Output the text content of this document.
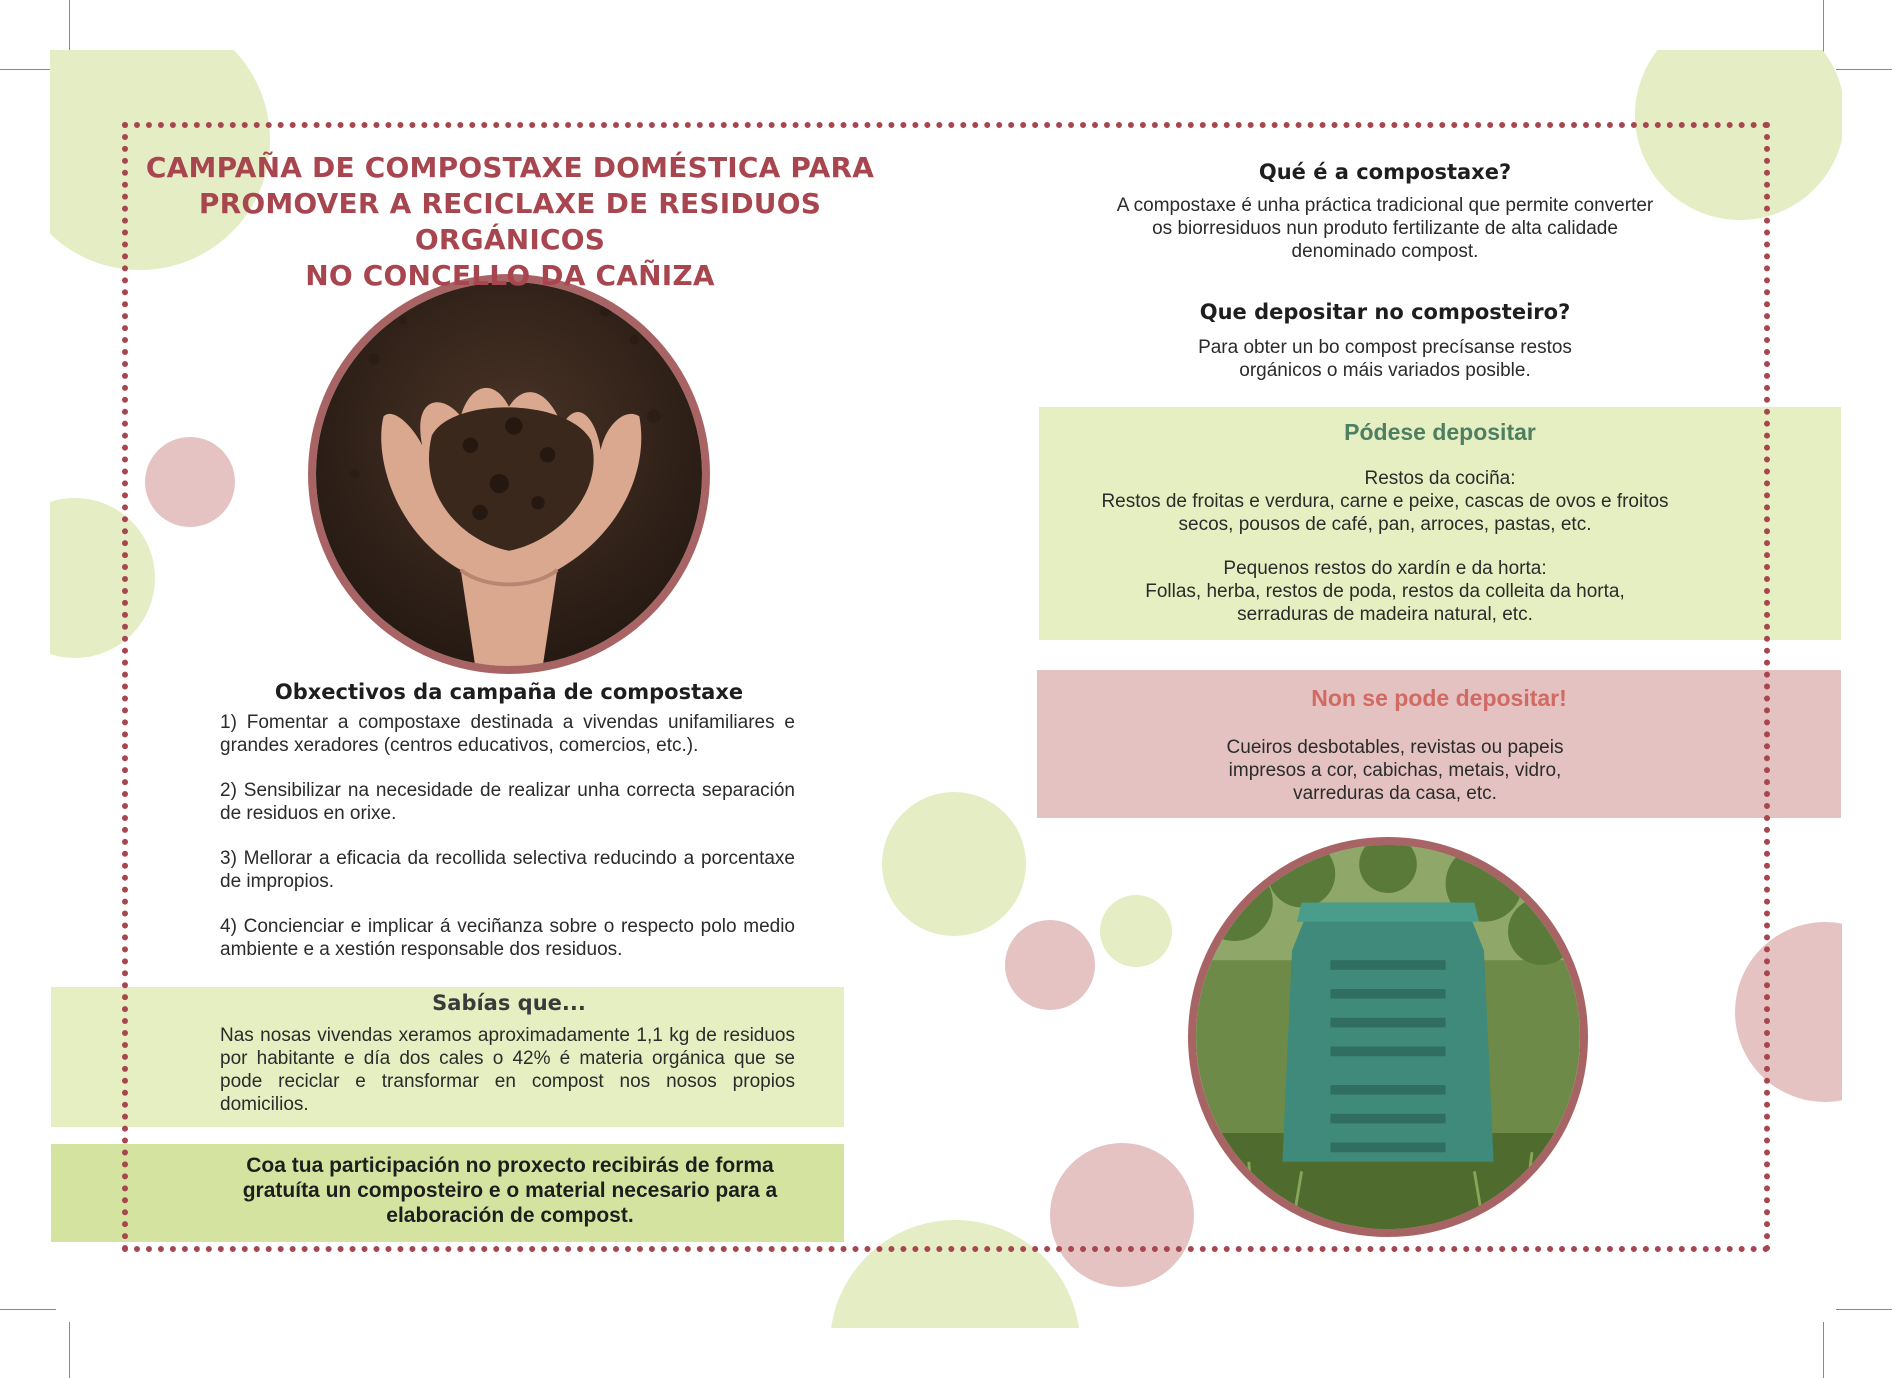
CAMPAÑA DE COMPOSTAXE DOMÉSTICA PARA
PROMOVER A RECICLAXE DE RESIDUOS ORGÁNICOS
NO CONCELLO DA CAÑIZA
Obxectivos da campaña de compostaxe

1) Fomentar a compostaxe destinada a vivendas unifamiliares e grandes xeradores (centros educativos, comercios, etc.).

2) Sensibilizar na necesidade de realizar unha correcta separación de residuos en orixe.

3) Mellorar a eficacia da recollida selectiva reducindo a porcentaxe de impropios.

4) Concienciar e implicar á veciñanza sobre o respecto polo medio ambiente e a xestión responsable dos residuos.

Sabías que...
Nas nosas vivendas xeramos aproximadamente 1,1 kg de residuos por habitante e día dos cales o 42% é materia orgánica que se pode reciclar e transformar en compost nos nosos propios domicilios.
Coa tua participación no proxecto recibirás de forma gratuíta un composteiro e o material necesario para a elaboración de compost.
Qué é a compostaxe?
A compostaxe é unha práctica tradicional que permite converter os biorresiduos nun produto fertilizante de alta calidade denominado compost.
Que depositar no composteiro?
Para obter un bo compost precísanse restos orgánicos o máis variados posible.
Pódese depositar
Restos da cociña:
Restos de froitas e verdura, carne e peixe, cascas de ovos e froitos secos, pousos de café, pan, arroces, pastas, etc.
Pequenos restos do xardín e da horta:
Follas, herba, restos de poda, restos da colleita da horta, serraduras de madeira natural, etc.
Non se pode depositar!
Cueiros desbotables, revistas ou papeis impresos a cor, cabichas, metais, vidro, varreduras da casa, etc.
